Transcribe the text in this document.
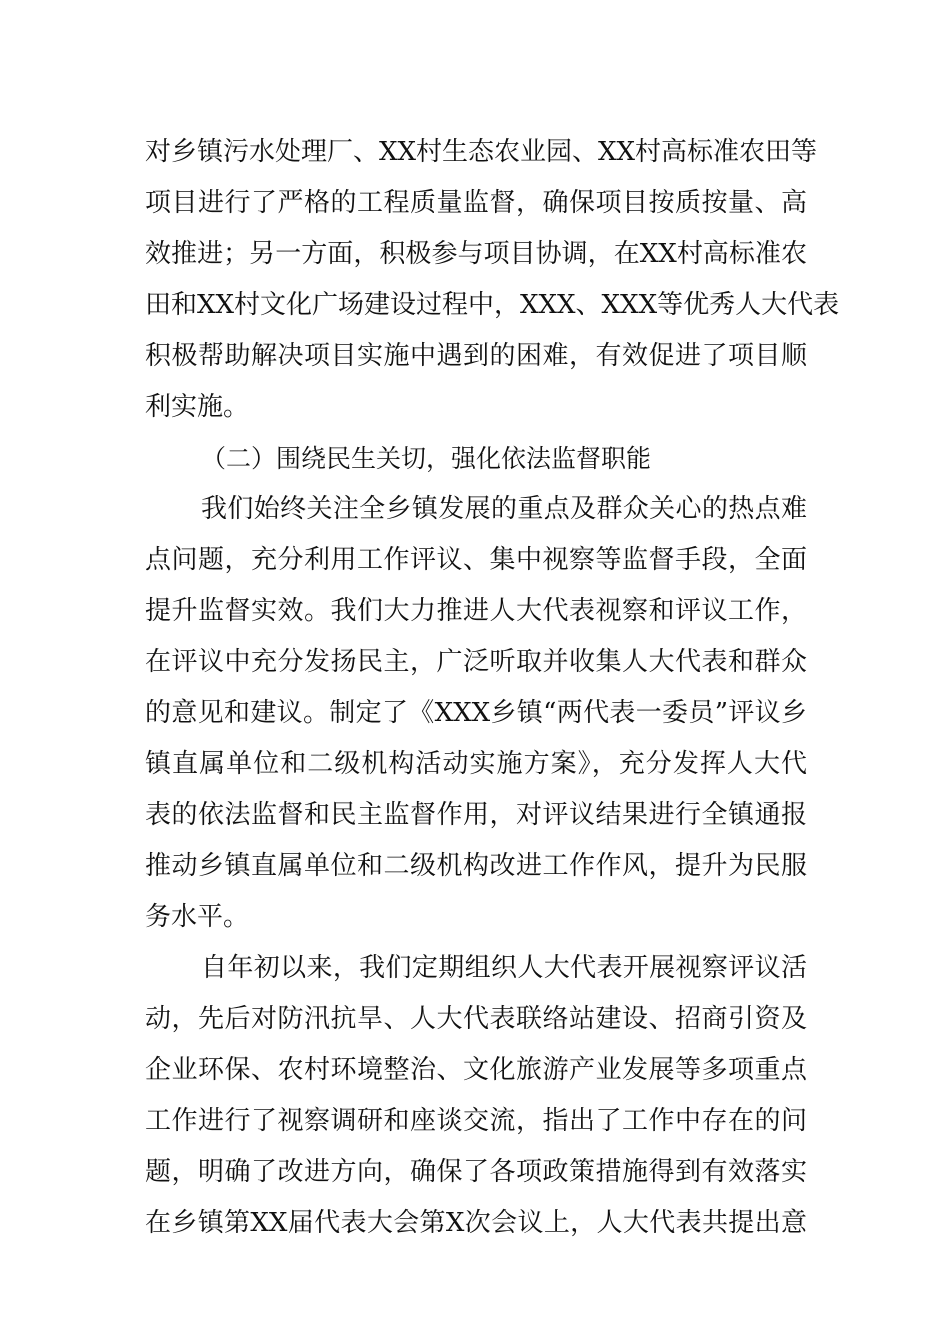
对乡镇污水处理厂、XX村生态农业园、XX村高标准农田等
项目进行了严格的工程质量监督，确保项目按质按量、高
效推进；另一方面，积极参与项目协调，在XX村高标准农
田和XX村文化广场建设过程中，XXX、XXX等优秀人大代表
积极帮助解决项目实施中遇到的困难，有效促进了项目顺
利实施。
（二）围绕民生关切，强化依法监督职能
我们始终关注全乡镇发展的重点及群众关心的热点难
点问题，充分利用工作评议、集中视察等监督手段，全面
提升监督实效。我们大力推进人大代表视察和评议工作，
在评议中充分发扬民主，广泛听取并收集人大代表和群众
的意见和建议。制定了《XXX乡镇“两代表一委员”评议乡
镇直属单位和二级机构活动实施方案》，充分发挥人大代
表的依法监督和民主监督作用，对评议结果进行全镇通报
推动乡镇直属单位和二级机构改进工作作风，提升为民服
务水平。
自年初以来，我们定期组织人大代表开展视察评议活
动，先后对防汛抗旱、人大代表联络站建设、招商引资及
企业环保、农村环境整治、文化旅游产业发展等多项重点
工作进行了视察调研和座谈交流，指出了工作中存在的问
题，明确了改进方向，确保了各项政策措施得到有效落实
在乡镇第XX届代表大会第X次会议上，人大代表共提出意
